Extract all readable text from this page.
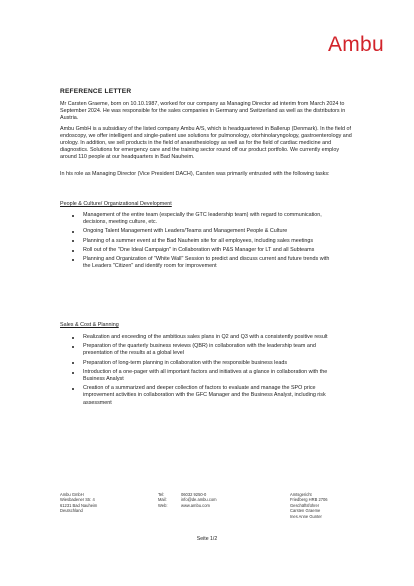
Ambu
REFERENCE LETTER
Mr Carsten Graeme, born on 10.10.1987, worked for our company as Managing Director ad interim from March 2024 to September 2024. He was responsible for the sales companies in Germany and Switzerland as well as the distributors in Austria.
Ambu GmbH is a subsidiary of the listed company Ambu A/S, which is headquartered in Ballerup (Denmark). In the field of endoscopy, we offer intelligent and single-patient use solutions for pulmonology, otorhinolaryngology, gastroenterology and urology. In addition, we sell products in the field of anaesthesiology as well as for the field of cardiac medicine and diagnostics. Solutions for emergency care and the training sector round off our product portfolio. We currently employ around 110 people at our headquarters in Bad Nauheim.
In his role as Managing Director (Vice President DACH), Carsten was primarily entrusted with the following tasks:
People & Culture/ Organizational Development
Management of the entire team (especially the GTC leadership team) with regard to communication, decisions, meeting culture, etc.
Ongoing Talent Management with Leaders/Teams and Management People & Culture
Planning of a summer event at the Bad Nauheim site for all employees, including sales meetings
Roll out of the "One Ideal Campaign" in Collaboration with P&S Manager for LT and all Subteams
Planning and Organization of "White Wall" Session to predict and discuss current and future trends with the Leaders "Citizen" and identify room for improvement
Sales & Cost & Planning
Realization and exceeding of the ambitious sales plans in Q2 and Q3 with a consistently positive result
Preparation of the quarterly business reviews (QBR) in collaboration with the leadership team and presentation of the results at a global level
Preparation of long-term planning in collaboration with the responsible business leads
Introduction of a one-pager with all important factors and initiatives at a glance in collaboration with the Business Analyst
Creation of a summarized and deeper collection of factors to evaluate and manage the SPO price improvement activities in collaboration with the GFC Manager and the Business Analyst, including risk assessment
Ambu GmbH
Wiesbadener Str. 4
61231 Bad Nauheim
Deutschland
Tel:
Mail:
Web:
06032 9250-0
info@de.ambu.com
www.ambu.com
Amtsgericht
Friedberg HRB 2706
Geschäftsführer
Carsten Graeme
Ines Anne Gunter
Seite 1/2
